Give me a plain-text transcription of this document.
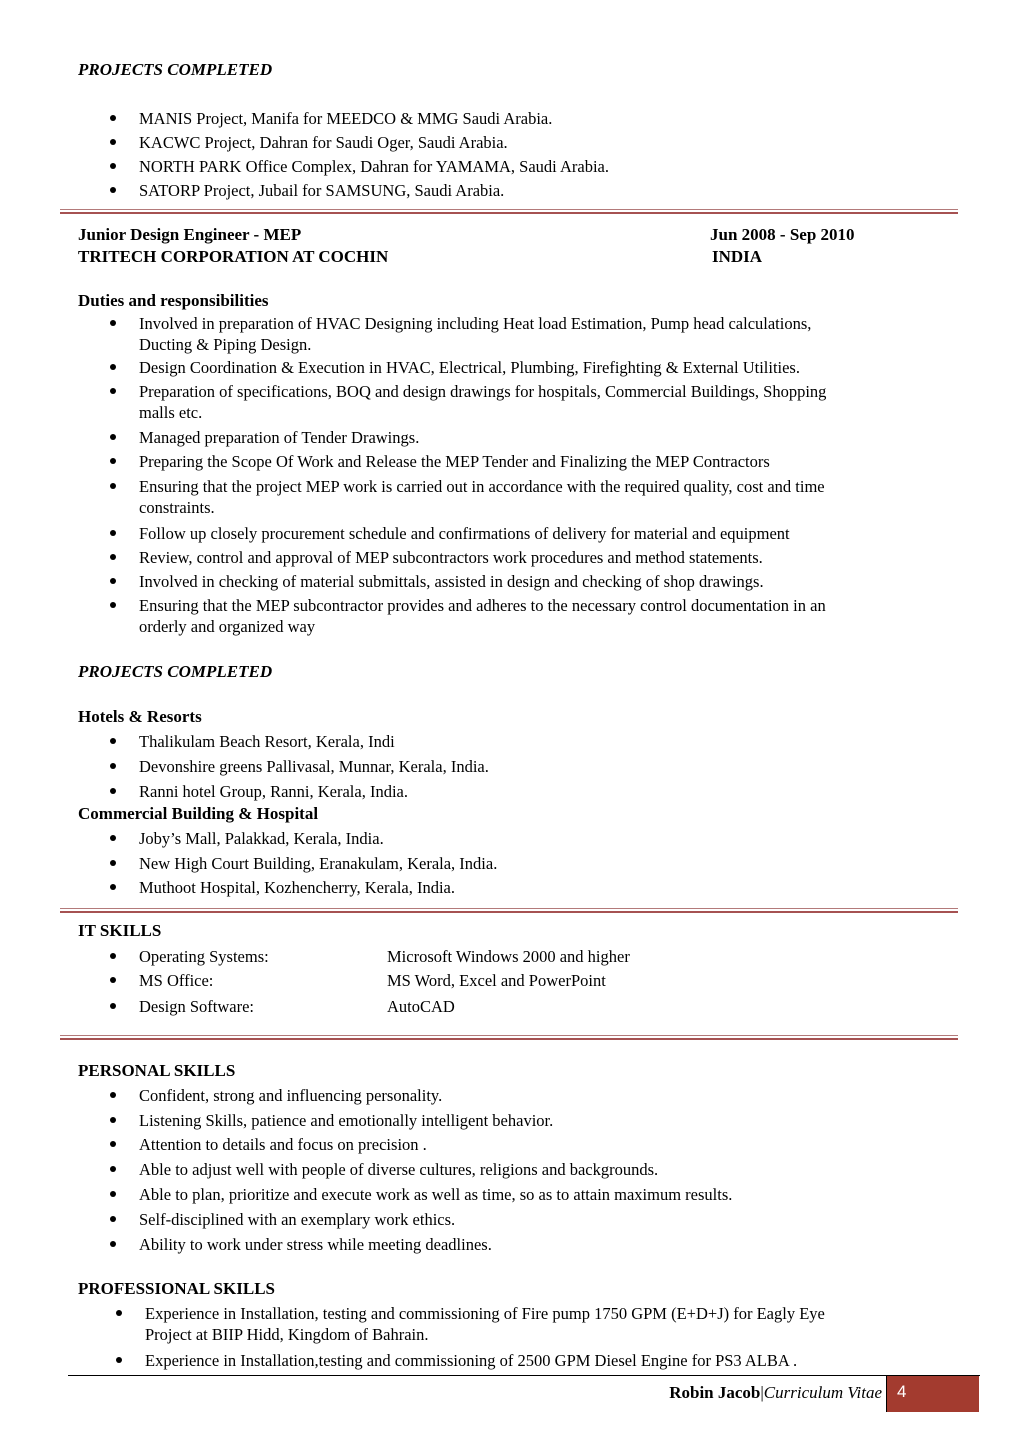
PROJECTS COMPLETED
MANIS Project, Manifa for MEEDCO & MMG Saudi Arabia.
KACWC Project, Dahran for Saudi Oger, Saudi Arabia.
NORTH PARK Office Complex, Dahran for YAMAMA, Saudi Arabia.
SATORP Project, Jubail for SAMSUNG, Saudi Arabia.
Junior Design Engineer - MEP	Jun 2008 - Sep 2010
TRITECH CORPORATION AT COCHIN	INDIA
Duties and responsibilities
Involved in preparation of HVAC Designing including Heat load Estimation, Pump head calculations,
Ducting & Piping Design.
Design Coordination & Execution in HVAC, Electrical, Plumbing, Firefighting & External Utilities.
Preparation of specifications, BOQ and design drawings for hospitals, Commercial Buildings, Shopping
malls etc.
Managed preparation of Tender Drawings.
Preparing the Scope Of Work and Release the MEP Tender and Finalizing the MEP Contractors
Ensuring that the project MEP work is carried out in accordance with the required quality, cost and time
constraints.
Follow up closely procurement schedule and confirmations of delivery for material and equipment
Review, control and approval of MEP subcontractors work procedures and method statements.
Involved in checking of material submittals, assisted in design and checking of shop drawings.
Ensuring that the MEP subcontractor provides and adheres to the necessary control documentation in an
orderly and organized way
PROJECTS COMPLETED
Hotels & Resorts
Thalikulam Beach Resort, Kerala, Indi
Devonshire greens Pallivasal, Munnar, Kerala, India.
Ranni hotel Group, Ranni, Kerala, India.
Commercial Building & Hospital
Joby’s Mall, Palakkad, Kerala, India.
New High Court Building, Eranakulam, Kerala, India.
Muthoot Hospital, Kozhencherry, Kerala, India.
IT SKILLS
Operating Systems:	Microsoft Windows 2000 and higher
MS Office:	MS Word, Excel and PowerPoint
Design Software:	AutoCAD
PERSONAL SKILLS
Confident, strong and influencing personality.
Listening Skills, patience and emotionally intelligent behavior.
Attention to details and focus on precision .
Able to adjust well with people of diverse cultures, religions and backgrounds.
Able to plan, prioritize and execute work as well as time, so as to attain maximum results.
Self-disciplined with an exemplary work ethics.
Ability to work under stress while meeting deadlines.
PROFESSIONAL SKILLS
Experience in Installation, testing and commissioning of Fire pump 1750 GPM (E+D+J) for Eagly Eye
Project at BIIP Hidd, Kingdom of Bahrain.
Experience in Installation,testing and commissioning of 2500 GPM Diesel Engine for PS3 ALBA .
Robin Jacob|Curriculum Vitae 4
